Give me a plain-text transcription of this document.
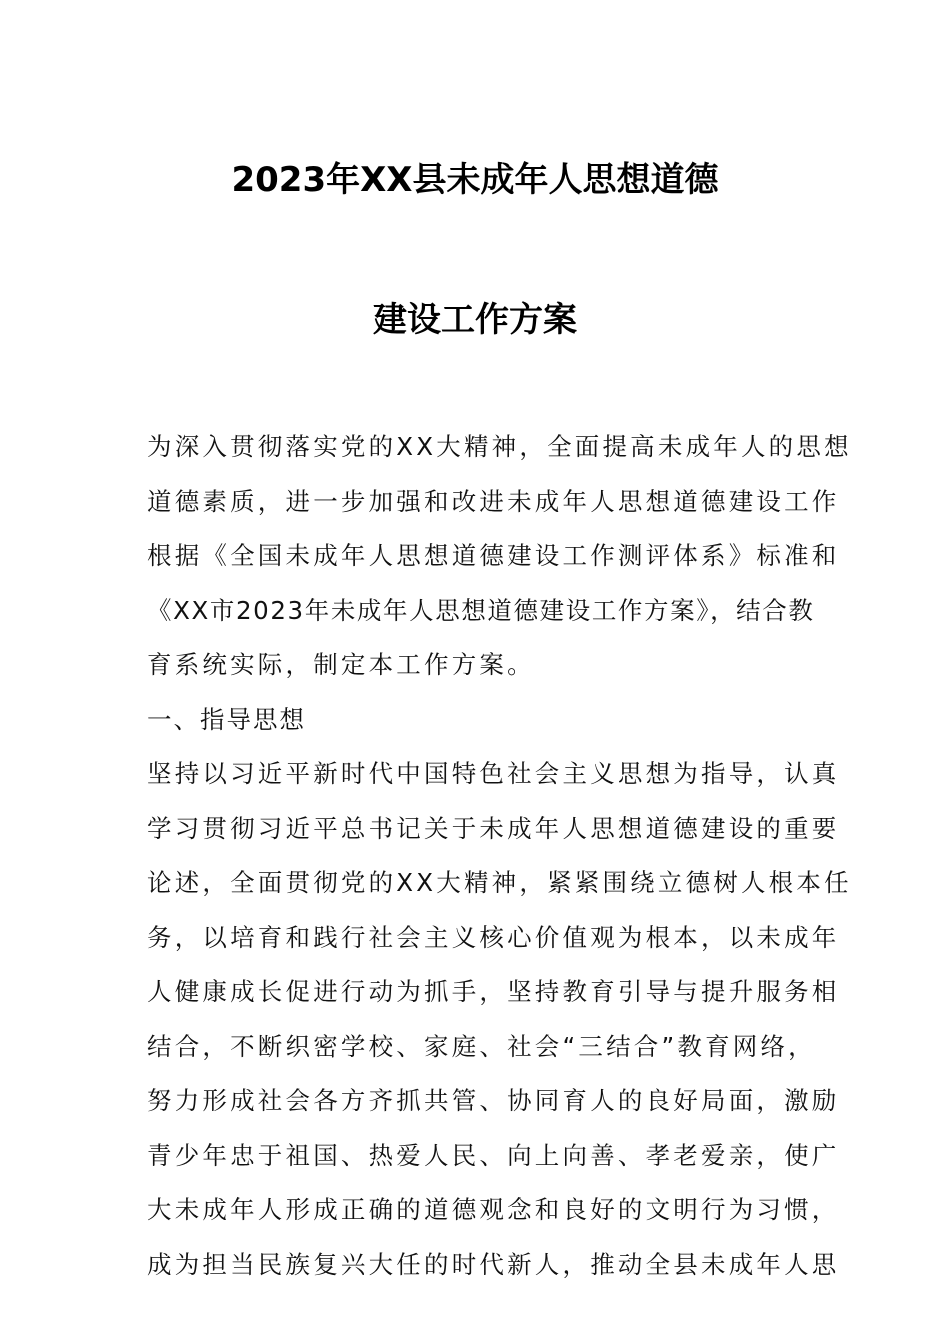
2023年XX县未成年人思想道德
建设工作方案
为深入贯彻落实党的XX大精神，全面提高未成年人的思想
道德素质，进一步加强和改进未成年人思想道德建设工作
根据《全国未成年人思想道德建设工作测评体系》标准和
《XX市2023年未成年人思想道德建设工作方案》，结合教
育系统实际，制定本工作方案。
一、指导思想
坚持以习近平新时代中国特色社会主义思想为指导，认真
学习贯彻习近平总书记关于未成年人思想道德建设的重要
论述，全面贯彻党的XX大精神，紧紧围绕立德树人根本任
务，以培育和践行社会主义核心价值观为根本，以未成年
人健康成长促进行动为抓手，坚持教育引导与提升服务相
结合，不断织密学校、家庭、社会“三结合”教育网络，
努力形成社会各方齐抓共管、协同育人的良好局面，激励
青少年忠于祖国、热爱人民、向上向善、孝老爱亲，使广
大未成年人形成正确的道德观念和良好的文明行为习惯，
成为担当民族复兴大任的时代新人，推动全县未成年人思
